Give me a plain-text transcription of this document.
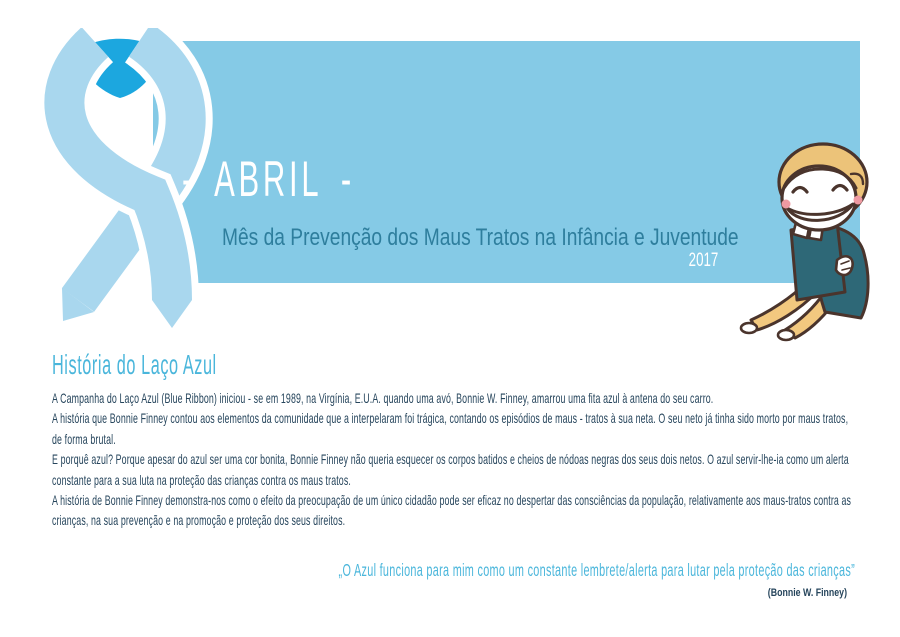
- ABRIL -
Mês da Prevenção dos Maus Tratos na Infância e Juventude
2017
História do Laço Azul

A Campanha do Laço Azul (Blue Ribbon) iniciou - se em 1989, na Virgínia, E.U.A. quando uma avó, Bonnie W. Finney, amarrou uma fita azul à antena do seu carro.

A história que Bonnie Finney contou aos elementos da comunidade que a interpelaram foi trágica, contando os episódios de maus - tratos à sua neta. O seu neto já tinha sido morto por maus tratos, de forma brutal.

E porquê azul? Porque apesar do azul ser uma cor bonita, Bonnie Finney não queria esquecer os corpos batidos e cheios de nódoas negras dos seus dois netos. O azul servir-lhe-ia como um alerta constante para a sua luta na proteção das crianças contra os maus tratos.

A história de Bonnie Finney demonstra-nos como o efeito da preocupação de um único cidadão pode ser eficaz no despertar das consciências da população, relativamente aos maus-tratos contra as crianças, na sua prevenção e na promoção e proteção dos seus direitos.

„O Azul funciona para mim como um constante lembrete/alerta para lutar pela proteção das crianças”
(Bonnie W. Finney)
